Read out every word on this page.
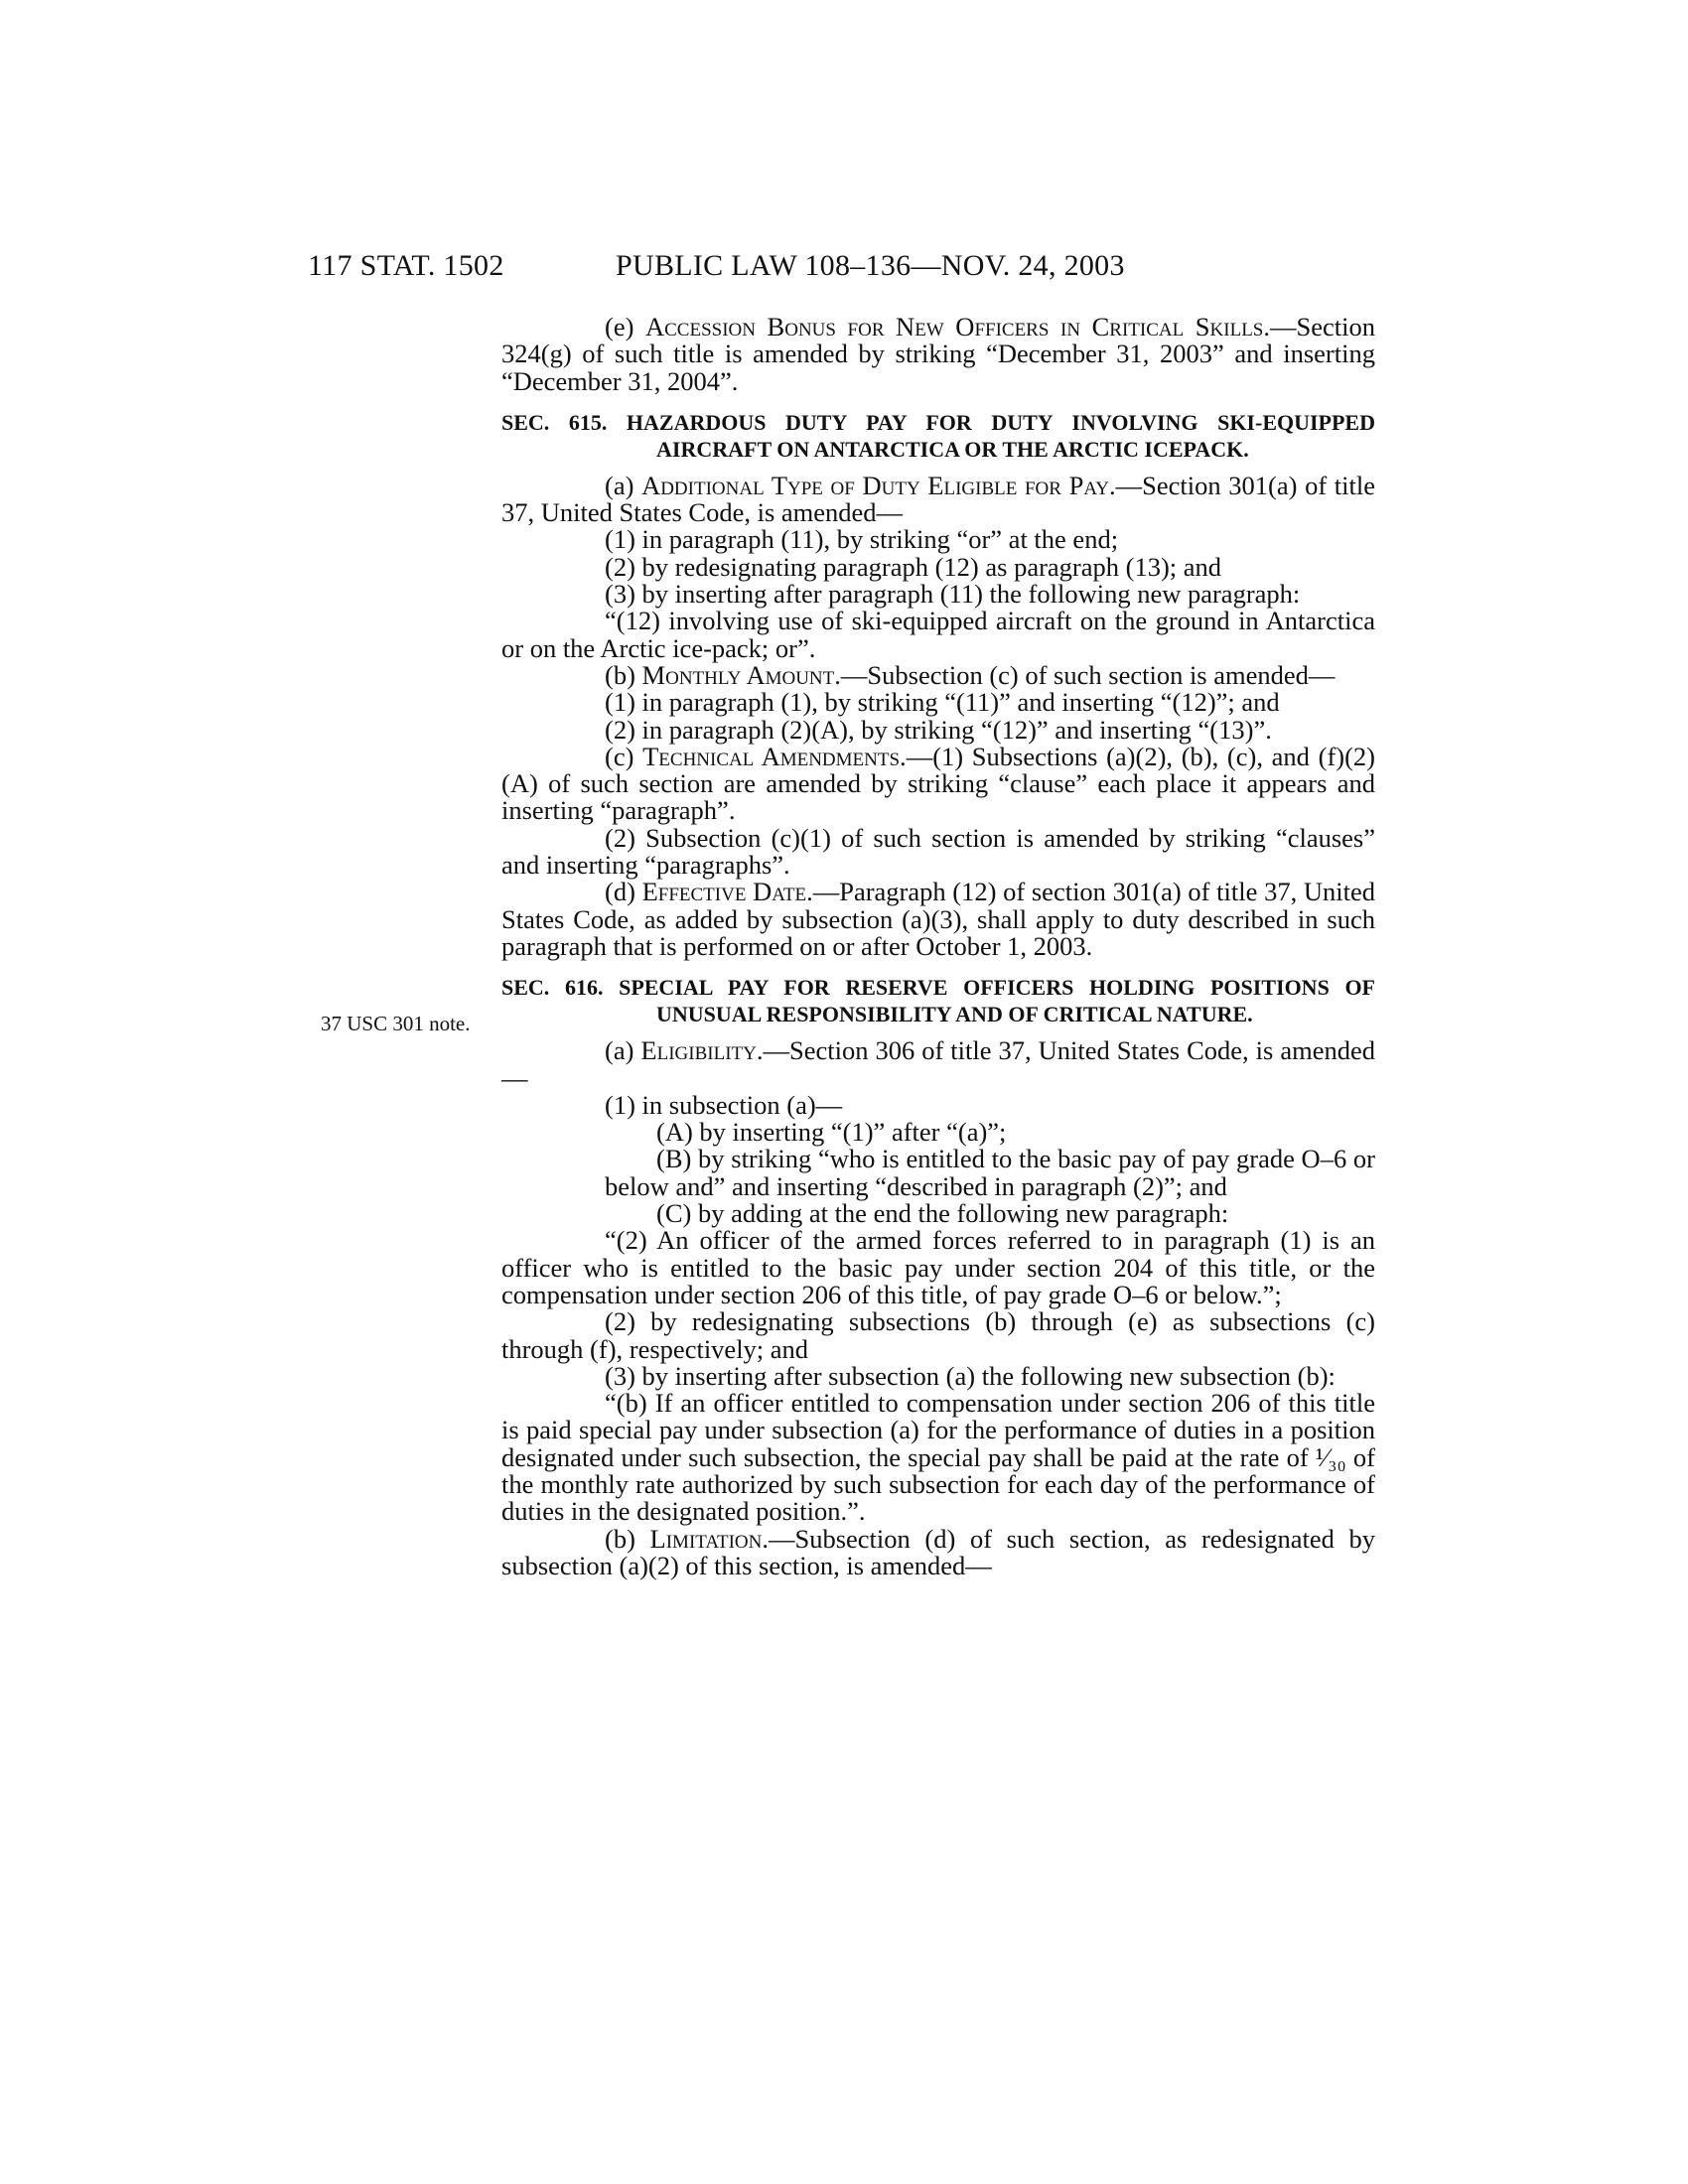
117 STAT. 1502	PUBLIC LAW 108–136—NOV. 24, 2003
37 USC 301 note.

(e) Accession Bonus for New Officers in Critical Skills.—Section 324(g) of such title is amended by striking “December 31, 2003” and inserting “December 31, 2004”.

SEC. 615. HAZARDOUS DUTY PAY FOR DUTY INVOLVING SKI-EQUIPPED AIRCRAFT ON ANTARCTICA OR THE ARCTIC ICEPACK.

(a) Additional Type of Duty Eligible for Pay.—Section 301(a) of title 37, United States Code, is amended—

(1) in paragraph (11), by striking “or” at the end;

(2) by redesignating paragraph (12) as paragraph (13); and

(3) by inserting after paragraph (11) the following new paragraph:

“(12) involving use of ski-equipped aircraft on the ground in Antarctica or on the Arctic ice-pack; or”.

(b) Monthly Amount.—Subsection (c) of such section is amended—

(1) in paragraph (1), by striking “(11)” and inserting “(12)”; and

(2) in paragraph (2)(A), by striking “(12)” and inserting “(13)”.

(c) Technical Amendments.—(1) Subsections (a)(2), (b), (c), and (f)(2)(A) of such section are amended by striking “clause” each place it appears and inserting “paragraph”.

(2) Subsection (c)(1) of such section is amended by striking “clauses” and inserting “paragraphs”.

(d) Effective Date.—Paragraph (12) of section 301(a) of title 37, United States Code, as added by subsection (a)(3), shall apply to duty described in such paragraph that is performed on or after October 1, 2003.

SEC. 616. SPECIAL PAY FOR RESERVE OFFICERS HOLDING POSITIONS OF UNUSUAL RESPONSIBILITY AND OF CRITICAL NATURE.

(a) Eligibility.—Section 306 of title 37, United States Code, is amended—

(1) in subsection (a)—

(A) by inserting “(1)” after “(a)”;

(B) by striking “who is entitled to the basic pay of pay grade O–6 or below and” and inserting “described in paragraph (2)”; and

(C) by adding at the end the following new paragraph:

“(2) An officer of the armed forces referred to in paragraph (1) is an officer who is entitled to the basic pay under section 204 of this title, or the compensation under section 206 of this title, of pay grade O–6 or below.”;

(2) by redesignating subsections (b) through (e) as subsections (c) through (f), respectively; and

(3) by inserting after subsection (a) the following new subsection (b):

“(b) If an officer entitled to compensation under section 206 of this title is paid special pay under subsection (a) for the performance of duties in a position designated under such subsection, the special pay shall be paid at the rate of ¹⁄₃₀ of the monthly rate authorized by such subsection for each day of the performance of duties in the designated position.”.

(b) Limitation.—Subsection (d) of such section, as redesignated by subsection (a)(2) of this section, is amended—
